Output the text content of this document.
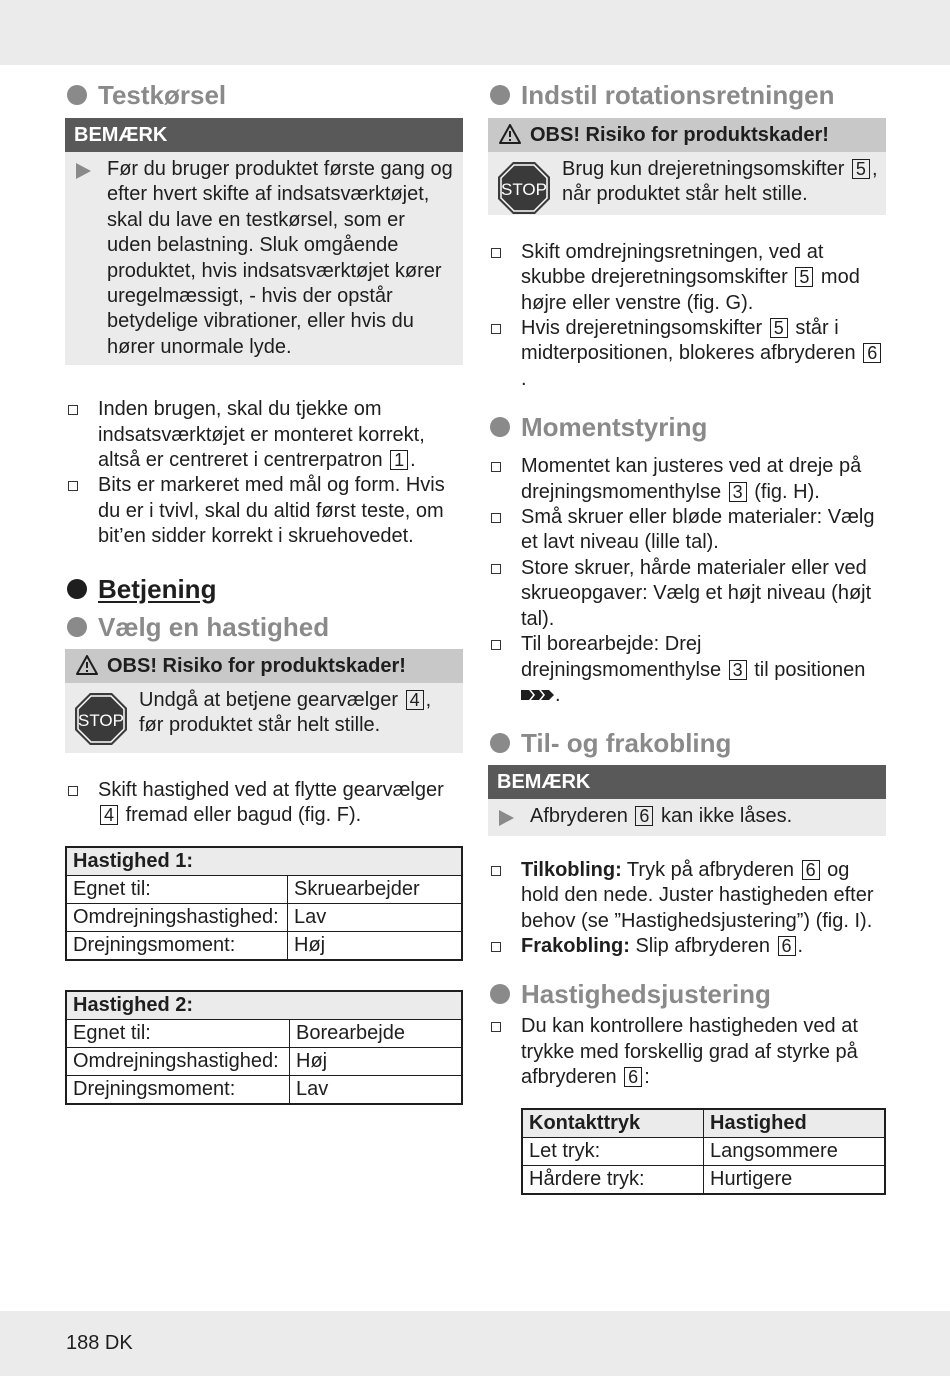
Testkørsel
BEMÆRK
Før du bruger produktet første gang og efter hvert skifte af indsatsværktøjet, skal du lave en testkørsel, som er uden belastning. Sluk omgående produktet, hvis indsatsværktøjet kører uregelmæssigt, - hvis der opstår betydelige vibrationer, eller hvis du hører unormale lyde.
Inden brugen, skal du tjekke om indsatsværktøjet er monteret korrekt, altså er centreret i centrerpatron 1 .
Bits er markeret med mål og form. Hvis du er i tvivl, skal du altid først teste, om bit’en sidder korrekt i skruehovedet.
Betjening
Vælg en hastighed
OBS! Risiko for produktskader!
STOP
Undgå at betjene gearvælger 4 , før produktet står helt stille.
Skift hastighed ved at flytte gearvælger 4 fremad eller bagud (fig. F).
Hastighed 1:	
Egnet til:	Skruearbejder
Omdrejningshastighed:	Lav
Drejningsmoment:	Høj
Hastighed 2:	
Egnet til:	Borearbejde
Omdrejningshastighed:	Høj
Drejningsmoment:	Lav
Indstil rotationsretningen
OBS! Risiko for produktskader!
STOP
Brug kun drejeretningsomskifter 5 , når produktet står helt stille.
Skift omdrejningsretningen, ved at skubbe drejeretningsomskifter 5 mod højre eller venstre (fig. G).
Hvis drejeretningsomskifter 5 står i midterpositionen, blokeres afbryderen 6.
Momentstyring
Momentet kan justeres ved at dreje på drejningsmomenthylse 3 (fig. H).
Små skruer eller bløde materialer: Vælg et lavt niveau (lille tal).
Store skruer, hårde materialer eller ved skrueopgaver: Vælg et højt niveau (højt tal).
Til borearbejde: Drej drejningsmomenthylse 3 til positionen
.
Til- og frakobling
BEMÆRK
Afbryderen 6 kan ikke låses.
Tilkobling: Tryk på afbryderen 6 og hold den nede. Juster hastigheden efter behov (se ”Hastighedsjustering”) (fig. I).
Frakobling: Slip afbryderen 6 .
Hastighedsjustering
Du kan kontrollere hastigheden ved at trykke med forskellig grad af styrke på afbryderen 6 :
Kontakttryk	Hastighed
Let tryk:	Langsommere
Hårdere tryk:	Hurtigere
188 DK
